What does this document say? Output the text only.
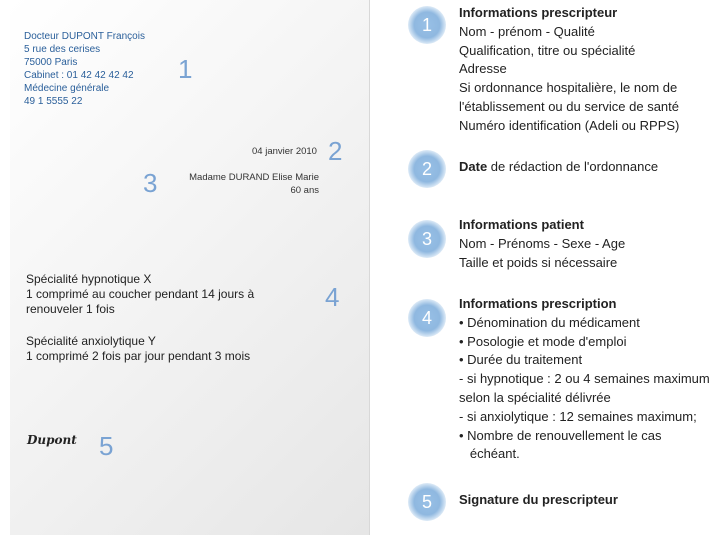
Docteur DUPONT François
5 rue des cerises
75000 Paris
Cabinet : 01 42 42 42 42
Médecine générale
49 1 5555 22
04 janvier 2010
Madame DURAND Elise Marie
60 ans
Spécialité hypnotique X
1 comprimé au coucher pendant 14 jours à
renouveler 1 fois
Spécialité anxiolytique Y
1 comprimé 2 fois par jour pendant 3 mois
Dupont
1
2
3
4
5
1
Informations prescripteur
Nom - prénom - Qualité
Qualification, titre ou spécialité
Adresse
Si ordonnance hospitalière, le nom de
l'établissement ou du service de santé
Numéro identification (Adeli ou RPPS)
2	Date de rédaction de l'ordonnance
3
Informations patient
Nom - Prénoms - Sexe - Age
Taille et poids si nécessaire
4
Informations prescription
• Dénomination du médicament
• Posologie et mode d'emploi
• Durée du traitement
- si hypnotique : 2 ou 4 semaines maximum
selon la spécialité délivrée
- si anxiolytique : 12 semaines maximum;
• Nombre de renouvellement le cas
échéant.
5	Signature du prescripteur
